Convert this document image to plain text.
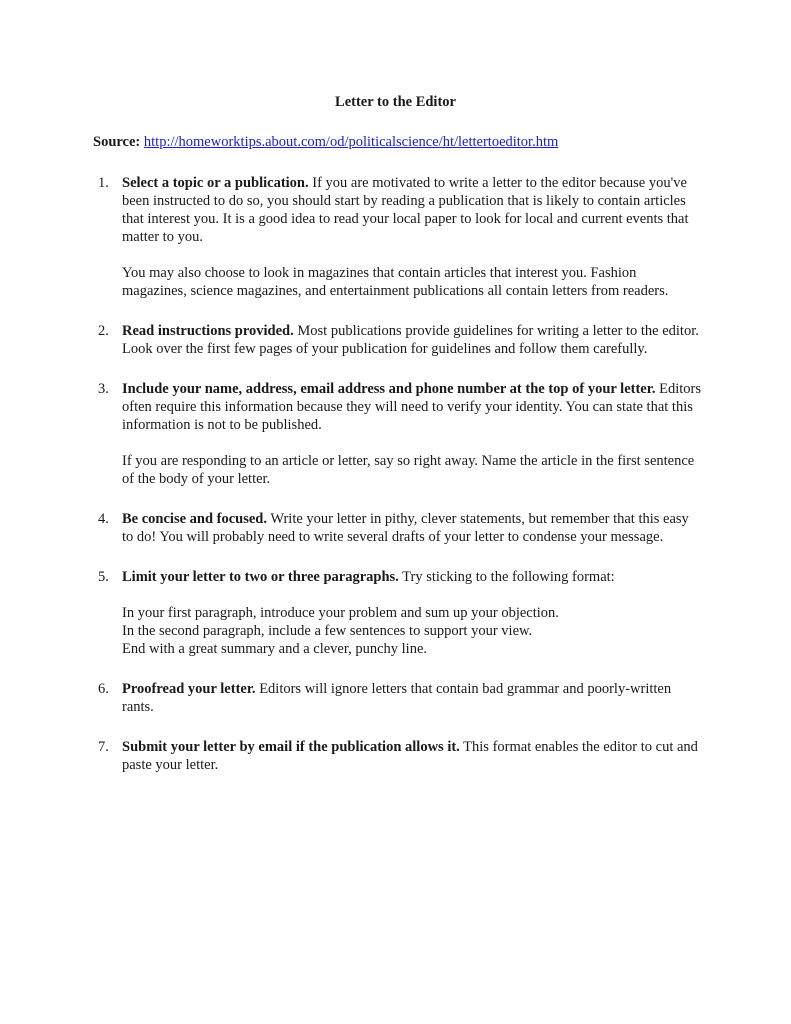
Letter to the Editor
Source: http://homeworktips.about.com/od/politicalscience/ht/lettertoeditor.htm
1. Select a topic or a publication. If you are motivated to write a letter to the editor because you've been instructed to do so, you should start by reading a publication that is likely to contain articles that interest you. It is a good idea to read your local paper to look for local and current events that matter to you.

You may also choose to look in magazines that contain articles that interest you. Fashion magazines, science magazines, and entertainment publications all contain letters from readers.

2. Read instructions provided. Most publications provide guidelines for writing a letter to the editor. Look over the first few pages of your publication for guidelines and follow them carefully.

3. Include your name, address, email address and phone number at the top of your letter. Editors often require this information because they will need to verify your identity. You can state that this information is not to be published.

If you are responding to an article or letter, say so right away. Name the article in the first sentence of the body of your letter.

4. Be concise and focused. Write your letter in pithy, clever statements, but remember that this easy to do! You will probably need to write several drafts of your letter to condense your message.

5. Limit your letter to two or three paragraphs. Try sticking to the following format:

In your first paragraph, introduce your problem and sum up your objection.
In the second paragraph, include a few sentences to support your view.
End with a great summary and a clever, punchy line.

6. Proofread your letter. Editors will ignore letters that contain bad grammar and poorly-written rants.

7. Submit your letter by email if the publication allows it. This format enables the editor to cut and paste your letter.
